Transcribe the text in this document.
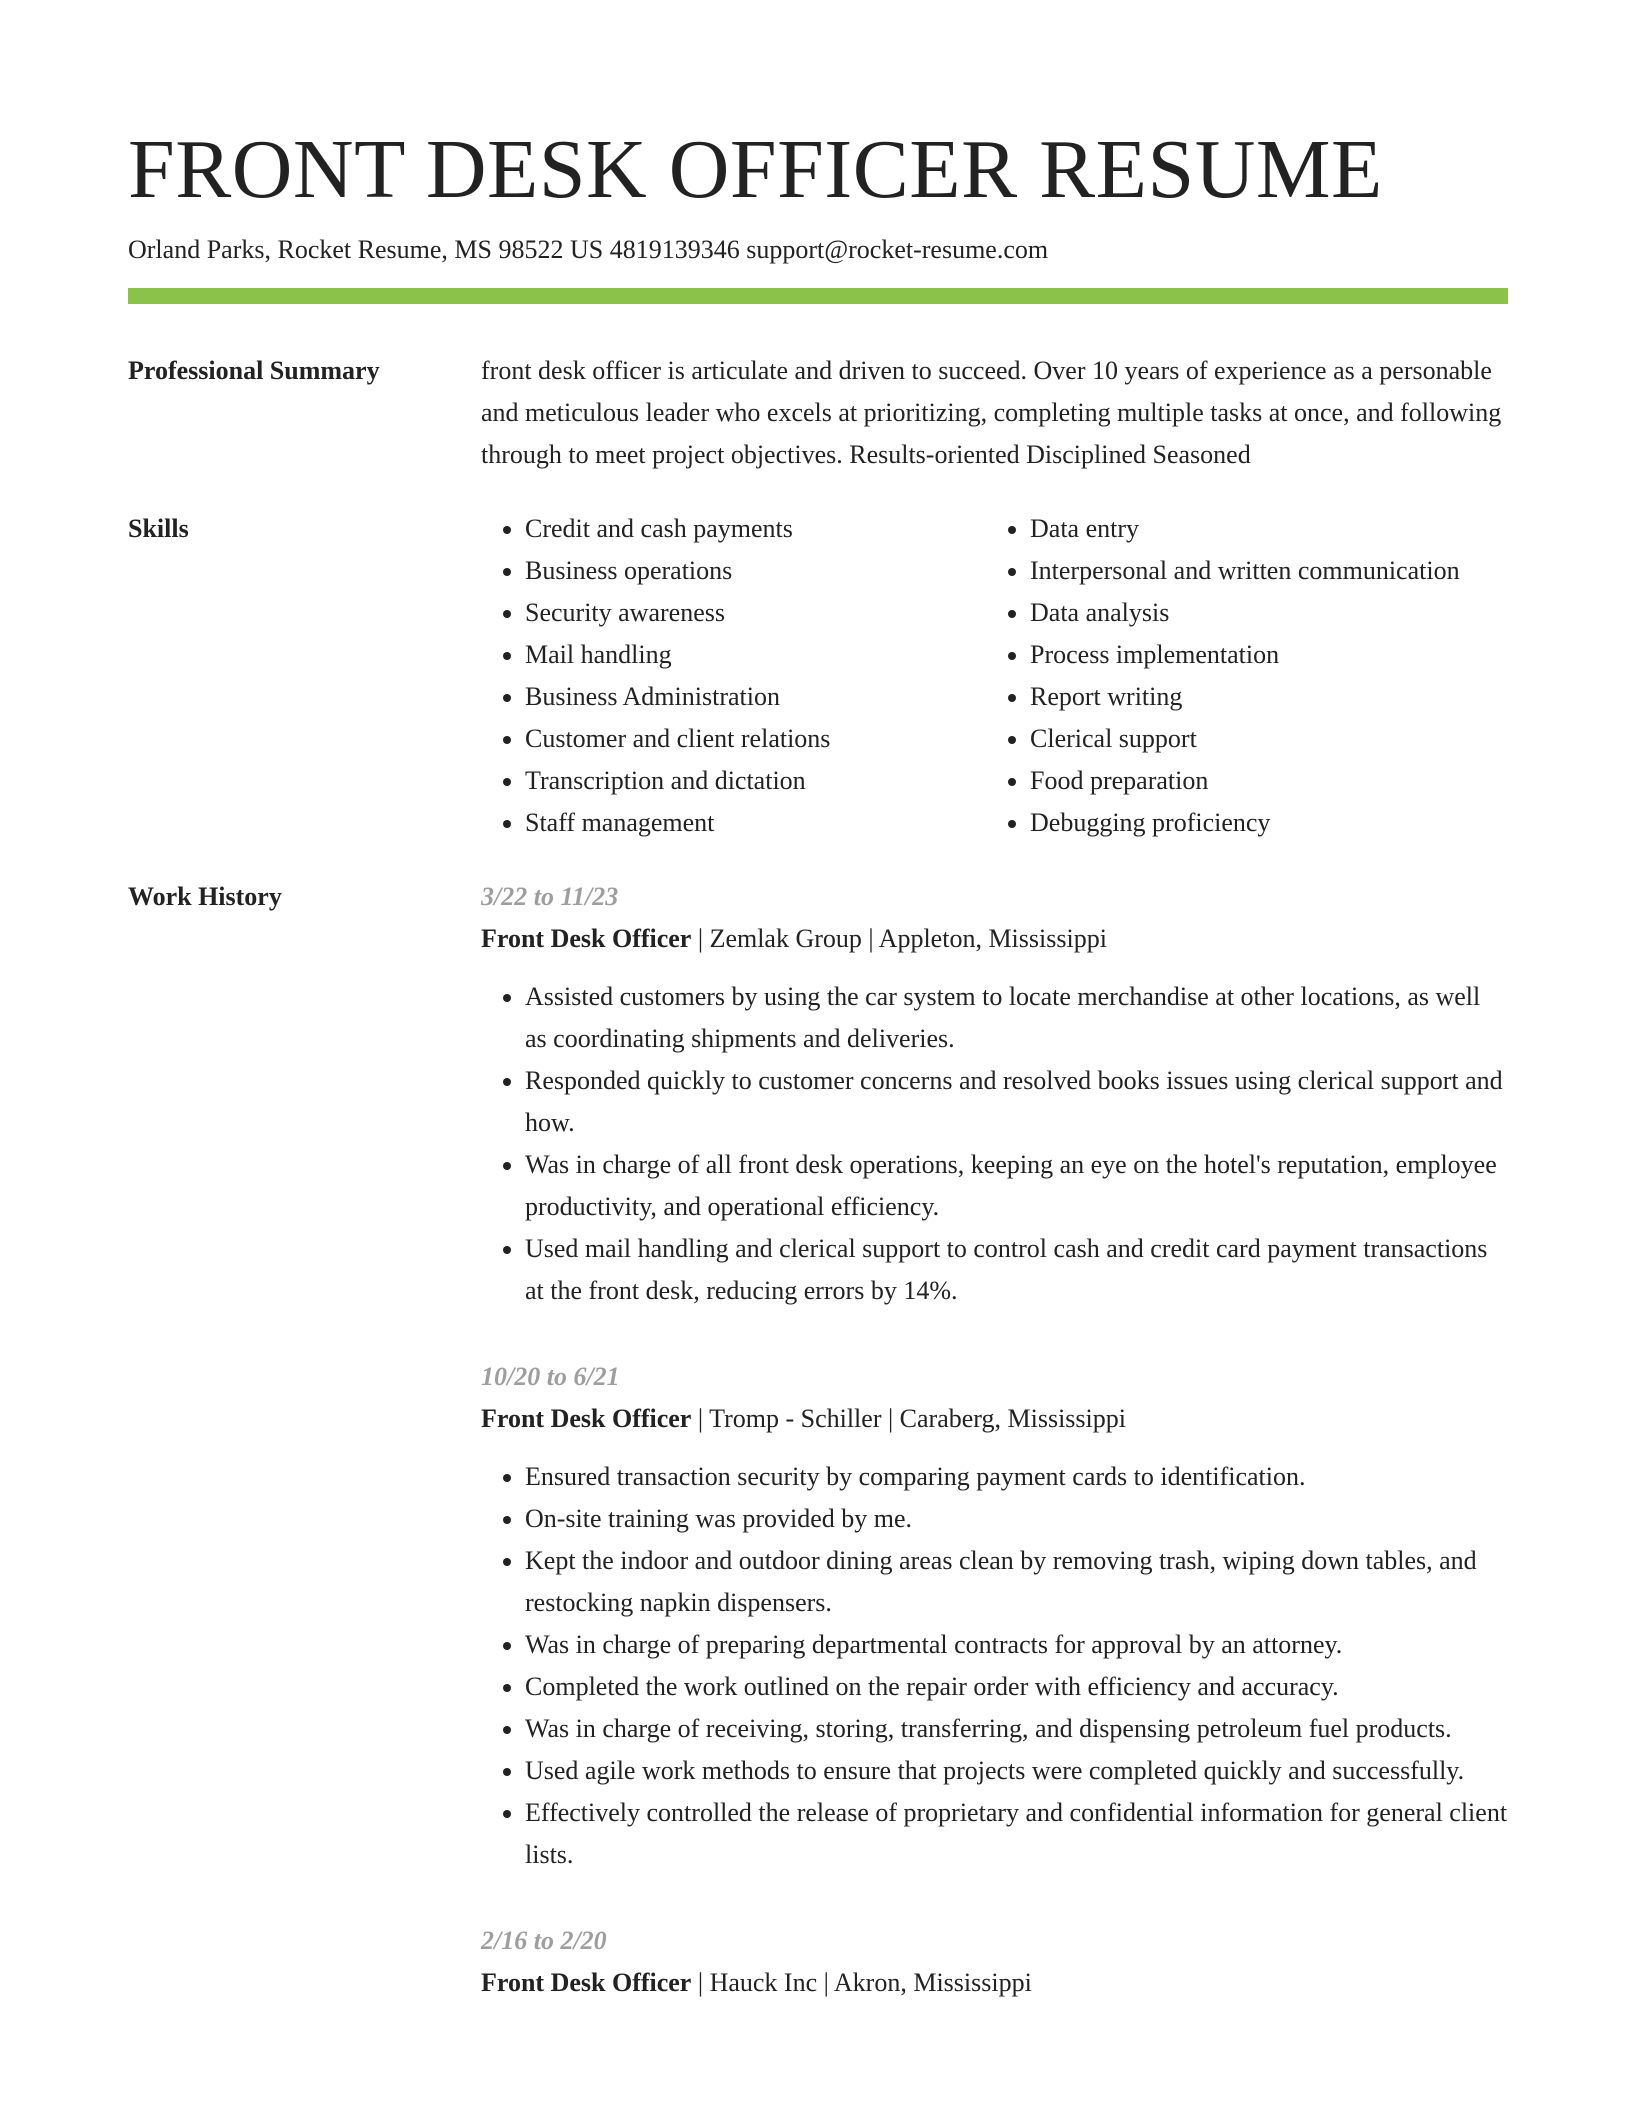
FRONT DESK OFFICER RESUME
Orland Parks, Rocket Resume, MS 98522 US 4819139346 support@rocket-resume.com
Professional Summary	front desk officer is articulate and driven to succeed. Over 10 years of experience as a personable and meticulous leader who excels at prioritizing, completing multiple tasks at once, and following through to meet project objectives. Results-oriented Disciplined Seasoned

Skills
•	Credit and cash payments
• Business operations
• Security awareness
• Mail handling
• Business Administration
• Customer and client relations
• Transcription and dictation
• Staff management
• Data entry
• Interpersonal and written communication
• Data analysis
• Process implementation
• Report writing
• Clerical support
• Food preparation
• Debugging proficiency
Work History	3/22 to 11/23
Front Desk Officer | Zemlak Group | Appleton, Mississippi
• Assisted customers by using the car system to locate merchandise at other locations, as well as coordinating shipments and deliveries.
• Responded quickly to customer concerns and resolved books issues using clerical support and how.
• Was in charge of all front desk operations, keeping an eye on the hotel's reputation, employee productivity, and operational efficiency.
• Used mail handling and clerical support to control cash and credit card payment transactions at the front desk, reducing errors by 14%.
10/20 to 6/21
Front Desk Officer | Tromp - Schiller | Caraberg, Mississippi
• Ensured transaction security by comparing payment cards to identification.
• On-site training was provided by me.
• Kept the indoor and outdoor dining areas clean by removing trash, wiping down tables, and restocking napkin dispensers.
• Was in charge of preparing departmental contracts for approval by an attorney.
• Completed the work outlined on the repair order with efficiency and accuracy.
• Was in charge of receiving, storing, transferring, and dispensing petroleum fuel products.
• Used agile work methods to ensure that projects were completed quickly and successfully.
• Effectively controlled the release of proprietary and confidential information for general client lists.
2/16 to 2/20
Front Desk Officer | Hauck Inc | Akron, Mississippi
